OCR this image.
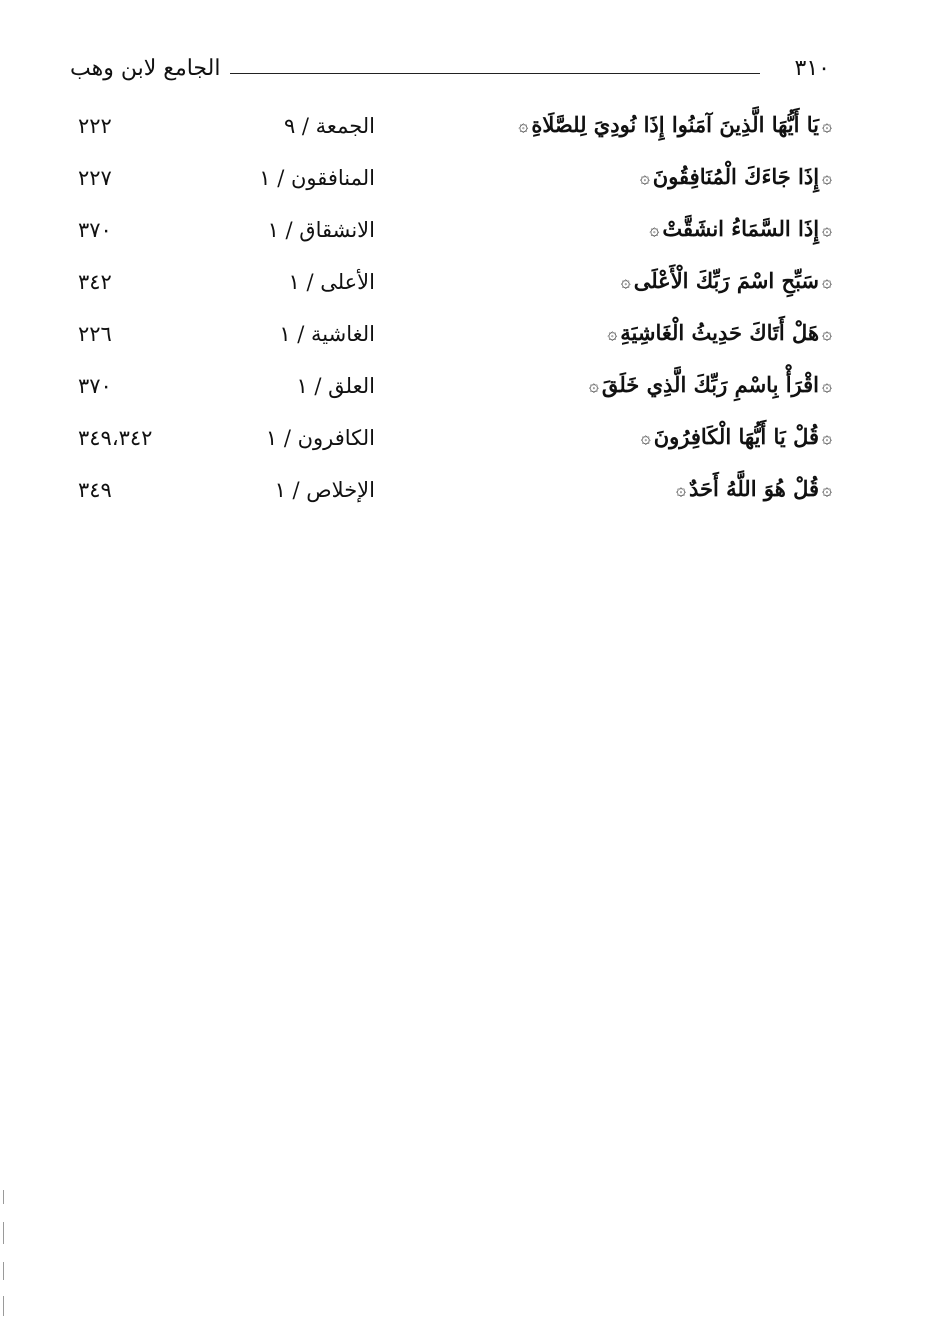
٣١٠
الجامع لابن وهب
۞يَا أَيُّهَا الَّذِينَ آمَنُوا إِذَا نُودِيَ لِلصَّلَاةِ۞
الجمعة / ٩
٢٢٢
۞إِذَا جَاءَكَ الْمُنَافِقُونَ۞
المنافقون / ١
٢٢٧
۞إِذَا السَّمَاءُ انشَقَّتْ۞
الانشقاق / ١
٣٧٠
۞سَبِّحِ اسْمَ رَبِّكَ الْأَعْلَى۞
الأعلى / ١
٣٤٢
۞هَلْ أَتَاكَ حَدِيثُ الْغَاشِيَةِ۞
الغاشية / ١
٢٢٦
۞اقْرَأْ بِاسْمِ رَبِّكَ الَّذِي خَلَقَ۞
العلق / ١
٣٧٠
۞قُلْ يَا أَيُّهَا الْكَافِرُونَ۞
الكافرون / ١
٣٤٩،٣٤٢
۞قُلْ هُوَ اللَّهُ أَحَدٌ۞
الإخلاص / ١
٣٤٩
